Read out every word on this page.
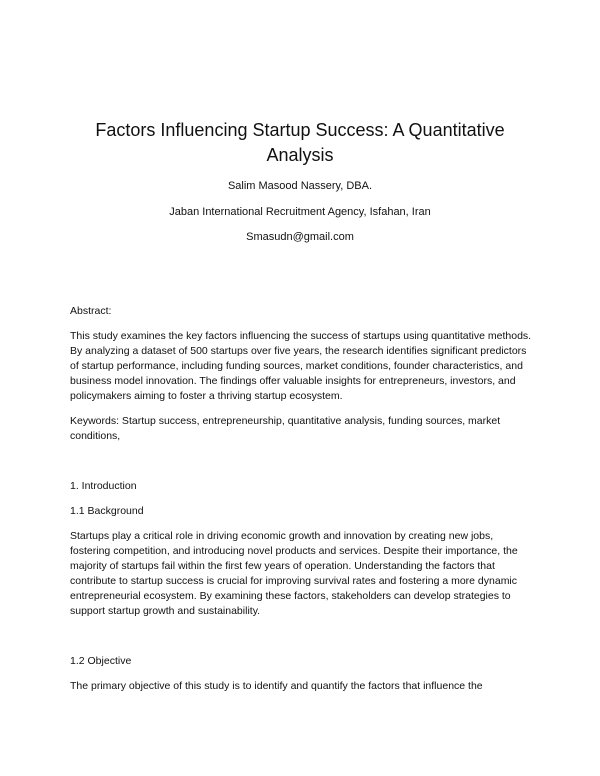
Factors Influencing Startup Success: A Quantitative Analysis

Salim Masood Nassery, DBA.

Jaban International Recruitment Agency, Isfahan, Iran

Smasudn@gmail.com

Abstract:

This study examines the key factors influencing the success of startups using quantitative methods. By analyzing a dataset of 500 startups over five years, the research identifies significant predictors of startup performance, including funding sources, market conditions, founder characteristics, and business model innovation. The findings offer valuable insights for entrepreneurs, investors, and policymakers aiming to foster a thriving startup ecosystem.

Keywords: Startup success, entrepreneurship, quantitative analysis, funding sources, market conditions,

1. Introduction

1.1 Background

Startups play a critical role in driving economic growth and innovation by creating new jobs, fostering competition, and introducing novel products and services. Despite their importance, the majority of startups fail within the first few years of operation. Understanding the factors that contribute to startup success is crucial for improving survival rates and fostering a more dynamic entrepreneurial ecosystem. By examining these factors, stakeholders can develop strategies to support startup growth and sustainability.

1.2 Objective

The primary objective of this study is to identify and quantify the factors that influence the
